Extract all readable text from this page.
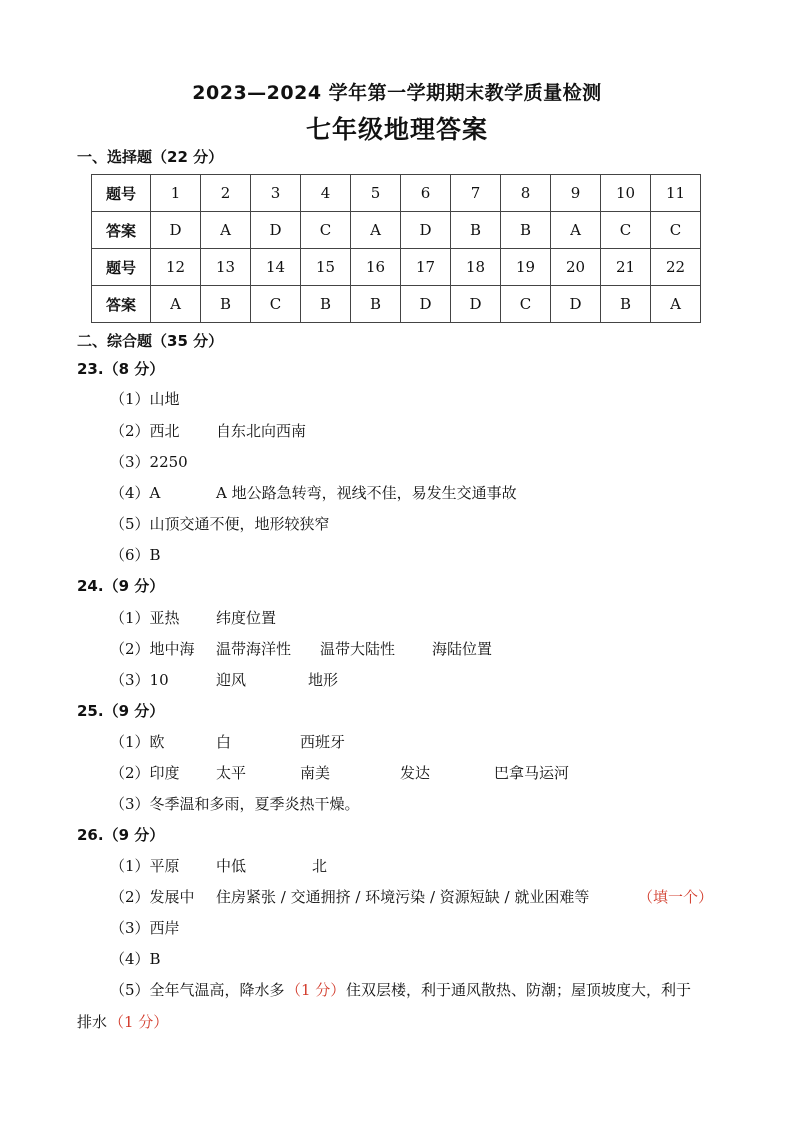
2023—2024 学年第一学期期末教学质量检测
七年级地理答案
一、选择题（22 分）
题号	1	2	3	4	5	6	7	8	9	10	11
答案	D	A	D	C	A	D	B	B	A	C	C
题号	12	13	14	15	16	17	18	19	20	21	22
答案	A	B	C	B	B	D	D	C	D	B	A
二、综合题（35 分）
23.（8 分）
（1）山地
（2）西北 自东北向西南
（3）2250
（4）A	A 地公路急转弯，视线不佳，易发生交通事故
（5）山顶交通不便，地形较狭窄
（6）B
24.（9 分）
（1）亚热 纬度位置
（2）地中海 温带海洋性 温带大陆性 海陆位置
（3）10	迎风	地形
25.（9 分）
（1）欧	白	西班牙
（2）印度 太平	南美	发达	巴拿马运河
（3）冬季温和多雨，夏季炎热干燥。
26.（9 分）
（1）平原 中低	北
（2）发展中 住房紧张 / 交通拥挤 / 环境污染 / 资源短缺 / 就业困难等	（填一个）
（3）西岸
（4）B
（5）全年气温高，降水多 （1 分） 住双层楼，利于通风散热、防潮；屋顶坡度大，利于
排水 （1 分）
